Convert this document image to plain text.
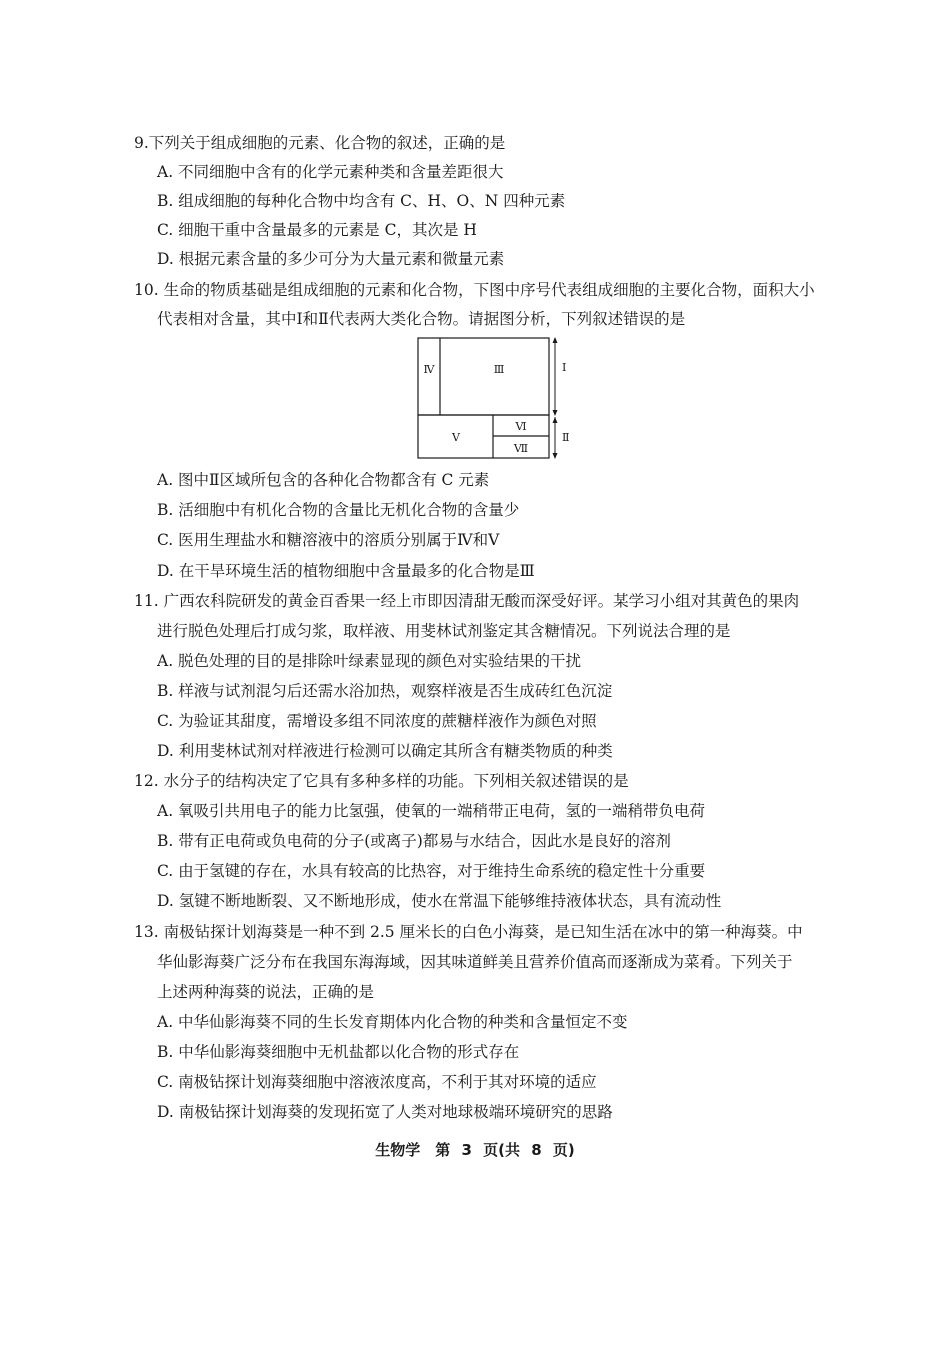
9.下列关于组成细胞的元素、化合物的叙述，正确的是
A. 不同细胞中含有的化学元素种类和含量差距很大
B. 组成细胞的每种化合物中均含有 C、H、O、N 四种元素
C. 细胞干重中含量最多的元素是 C，其次是 H
D. 根据元素含量的多少可分为大量元素和微量元素
10. 生命的物质基础是组成细胞的元素和化合物，下图中序号代表组成细胞的主要化合物，面积大小
代表相对含量，其中Ⅰ和Ⅱ代表两大类化合物。请据图分析，下列叙述错误的是
Ⅳ	Ⅲ	Ⅰ
Ⅴ
Ⅵ
Ⅶ
Ⅱ
A. 图中Ⅱ区域所包含的各种化合物都含有 C 元素
B. 活细胞中有机化合物的含量比无机化合物的含量少
C. 医用生理盐水和糖溶液中的溶质分别属于Ⅳ和Ⅴ
D. 在干旱环境生活的植物细胞中含量最多的化合物是Ⅲ
11. 广西农科院研发的黄金百香果一经上市即因清甜无酸而深受好评。某学习小组对其黄色的果肉
进行脱色处理后打成匀浆，取样液、用斐林试剂鉴定其含糖情况。下列说法合理的是
A. 脱色处理的目的是排除叶绿素显现的颜色对实验结果的干扰
B. 样液与试剂混匀后还需水浴加热，观察样液是否生成砖红色沉淀
C. 为验证其甜度，需增设多组不同浓度的蔗糖样液作为颜色对照
D. 利用斐林试剂对样液进行检测可以确定其所含有糖类物质的种类
12. 水分子的结构决定了它具有多种多样的功能。下列相关叙述错误的是
A. 氧吸引共用电子的能力比氢强，使氧的一端稍带正电荷，氢的一端稍带负电荷
B. 带有正电荷或负电荷的分子(或离子)都易与水结合，因此水是良好的溶剂
C. 由于氢键的存在，水具有较高的比热容，对于维持生命系统的稳定性十分重要
D. 氢键不断地断裂、又不断地形成，使水在常温下能够维持液体状态，具有流动性
13. 南极钻探计划海葵是一种不到 2.5 厘米长的白色小海葵，是已知生活在冰中的第一种海葵。中
华仙影海葵广泛分布在我国东海海域，因其味道鲜美且营养价值高而逐渐成为菜肴。下列关于
上述两种海葵的说法，正确的是
A. 中华仙影海葵不同的生长发育期体内化合物的种类和含量恒定不变
B. 中华仙影海葵细胞中无机盐都以化合物的形式存在
C. 南极钻探计划海葵细胞中溶液浓度高，不利于其对环境的适应
D. 南极钻探计划海葵的发现拓宽了人类对地球极端环境研究的思路
生物学　第 3 页(共 8 页)
